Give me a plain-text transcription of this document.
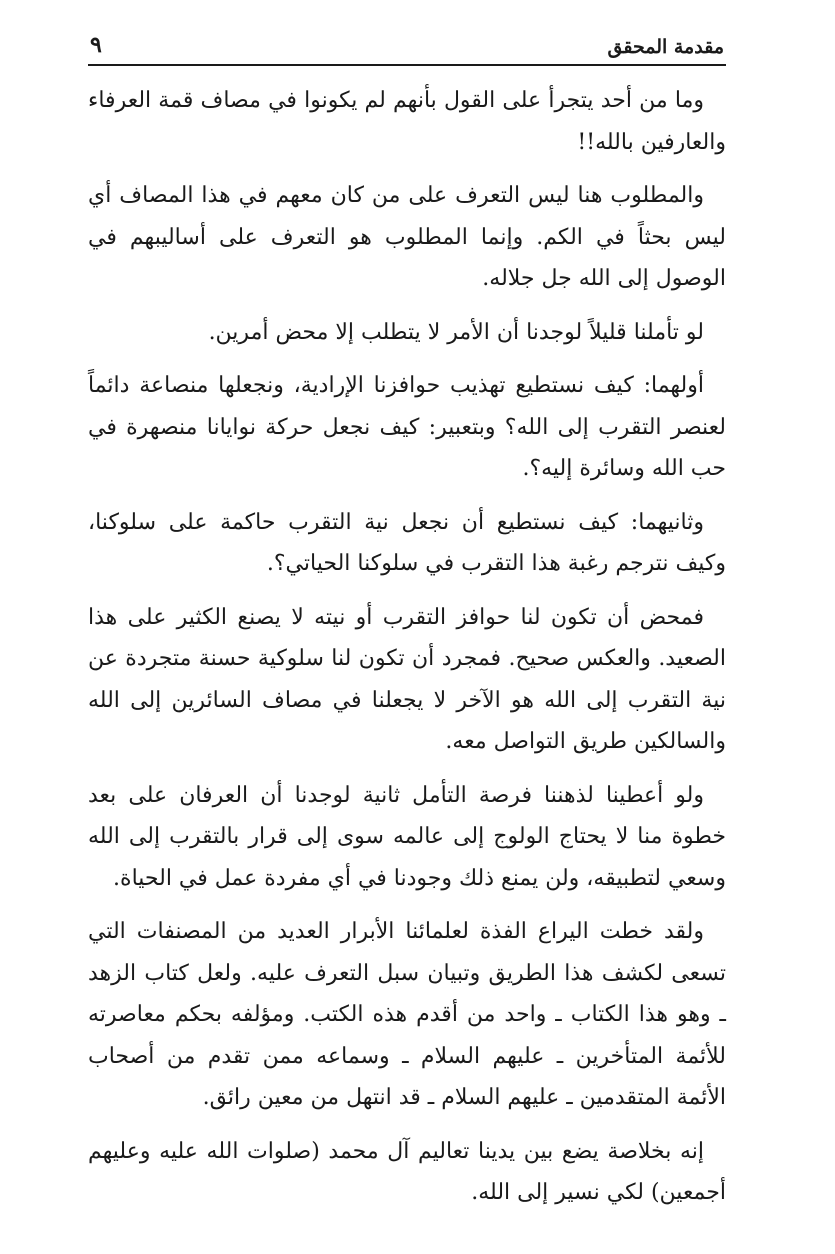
مقدمة المحقق
٩

وما من أحد يتجرأ على القول بأنهم لم يكونوا في مصاف قمة العرفاء والعارفين بالله!!

والمطلوب هنا ليس التعرف على من كان معهم في هذا المصاف أي ليس بحثاً في الكم. وإنما المطلوب هو التعرف على أساليبهم في الوصول إلى الله جل جلاله.

لو تأملنا قليلاً لوجدنا أن الأمر لا يتطلب إلا محض أمرين.

أولهما: كيف نستطيع تهذيب حوافزنا الإرادية، ونجعلها منصاعة دائماً لعنصر التقرب إلى الله؟ وبتعبير: كيف نجعل حركة نوايانا منصهرة في حب الله وسائرة إليه؟.

وثانيهما: كيف نستطيع أن نجعل نية التقرب حاكمة على سلوكنا، وكيف نترجم رغبة هذا التقرب في سلوكنا الحياتي؟.

فمحض أن تكون لنا حوافز التقرب أو نيته لا يصنع الكثير على هذا الصعيد. والعكس صحيح. فمجرد أن تكون لنا سلوكية حسنة متجردة عن نية التقرب إلى الله هو الآخر لا يجعلنا في مصاف السائرين إلى الله والسالكين طريق التواصل معه.

ولو أعطينا لذهننا فرصة التأمل ثانية لوجدنا أن العرفان على بعد خطوة منا لا يحتاج الولوج إلى عالمه سوى إلى قرار بالتقرب إلى الله وسعي لتطبيقه، ولن يمنع ذلك وجودنا في أي مفردة عمل في الحياة.

ولقد خطت اليراع الفذة لعلمائنا الأبرار العديد من المصنفات التي تسعى لكشف هذا الطريق وتبيان سبل التعرف عليه. ولعل كتاب الزهد ـ وهو هذا الكتاب ـ واحد من أقدم هذه الكتب. ومؤلفه بحكم معاصرته للأئمة المتأخرين ـ عليهم السلام ـ وسماعه ممن تقدم من أصحاب الأئمة المتقدمين ـ عليهم السلام ـ قد انتهل من معين رائق.

إنه بخلاصة يضع بين يدينا تعاليم آل محمد (صلوات الله عليه وعليهم أجمعين) لكي نسير إلى الله.
